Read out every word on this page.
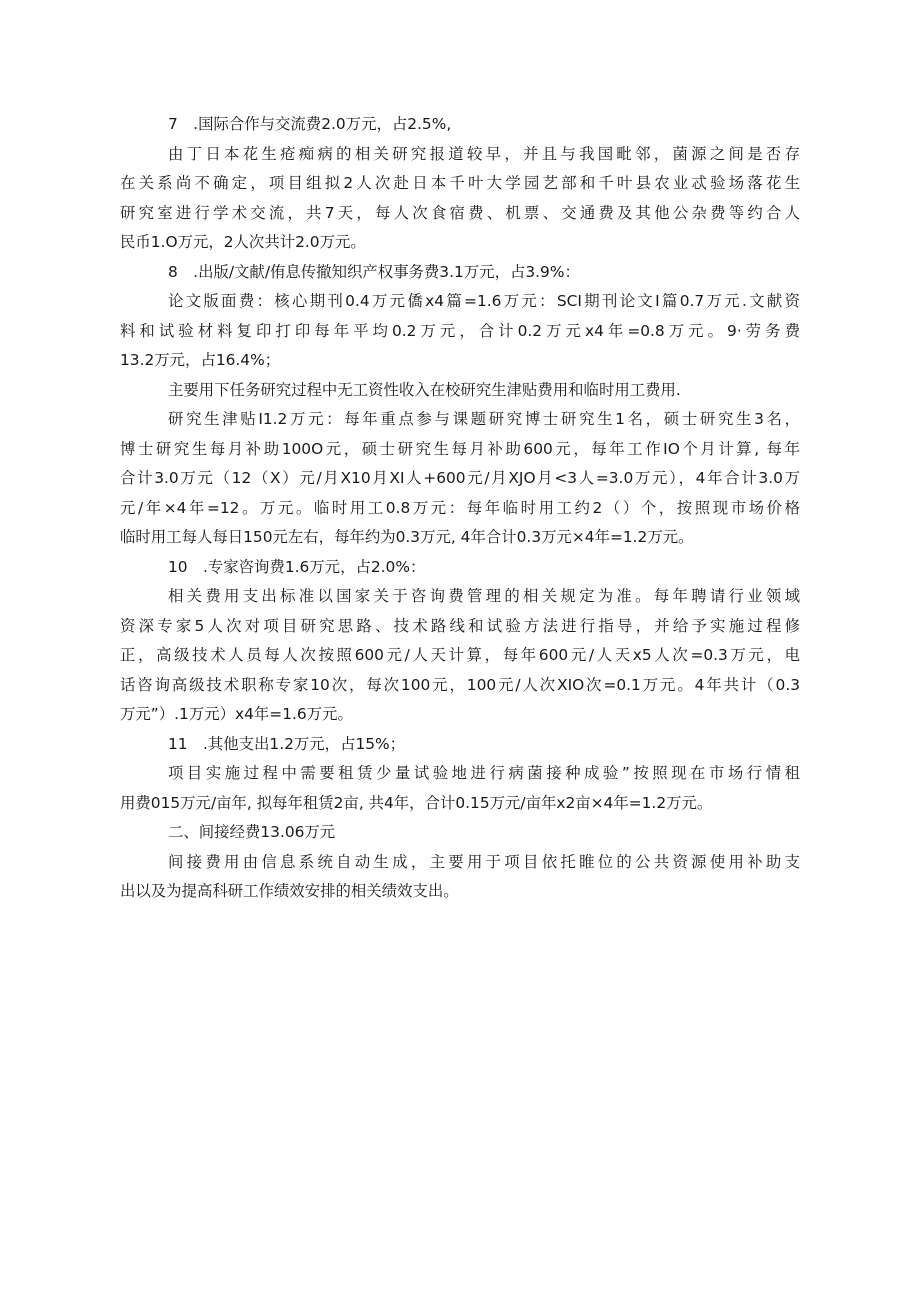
7　.国际合作与交流费2.0万元，占2.5%,
由丁日本花生疮痴病的相关研究报道较早，并且与我国毗邻，菌源之间是否存
在关系尚不确定，项目组拟2人次赴日本千叶大学园艺部和千叶县农业忒验场落花生
研究室进行学术交流，共7天，每人次食宿费、机票、交通费及其他公杂费等约合人
民币1.O万元，2人次共计2.0万元。
8　.出版/文献/侑息传撤知织产权事务费3.1万元，占3.9%：
论文版面费：核心期刊0.4万元僑x4篇=1.6万元：SCI期刊论文I篇0.7万元.文献资
料和试验材料复印打印每年平均0.2万元，合计0.2万元x4年=0.8万元。9·劳务费
13.2万元，占16.4%；
主要用下任务研究过程中无工资性收入在校研究生津贴费用和临时用工费用.
研究生津贴I1.2万元：每年重点参与课题研究博士研究生1名，硕士研究生3名，
博士研究生每月补助100O元，硕士研究生每月补助600元，每年工作IO个月计算, 每年
合计3.0万元（12（X）元/月X10月XI人+600元/月XJO月<3人=3.0万元），4年合计3.0万
元/年×4年=12。万元。临时用工0.8万元：每年临时用工约2（）个，按照现市场价格
临时用工每人每日150元左右，每年约为0.3万元, 4年合计0.3万元×4年=1.2万元。
10　.专家咨询费1.6万元，占2.0%：
相关费用支出标准以国家关于咨询费管理的相关规定为准。每年聘请行业领域
资深专家5人次对项目研究思路、技术路线和试验方法进行指导，并给予实施过程修
正，高级技术人员每人次按照600元/人天计算，每年600元/人天x5人次=0.3万元，电
话咨询高级技术职称专家10次，每次100元，100元/人次XIO次=0.1万元。4年共计（0.3
万元”）.1万元）x4年=1.6万元。
11　.其他支出1.2万元，占15%；
项目实施过程中需要租赁少量试验地进行病菌接种成验”按照现在市场行情租
用费015万元/亩年, 拟每年租赁2亩, 共4年，合计0.15万元/亩年x2亩×4年=1.2万元。
二、间接经费13.06万元
间接费用由信息系统自动生成，主要用于项目依托睢位的公共资源使用补助支
出以及为提高科研工作绩效安排的相关绩效支出。
